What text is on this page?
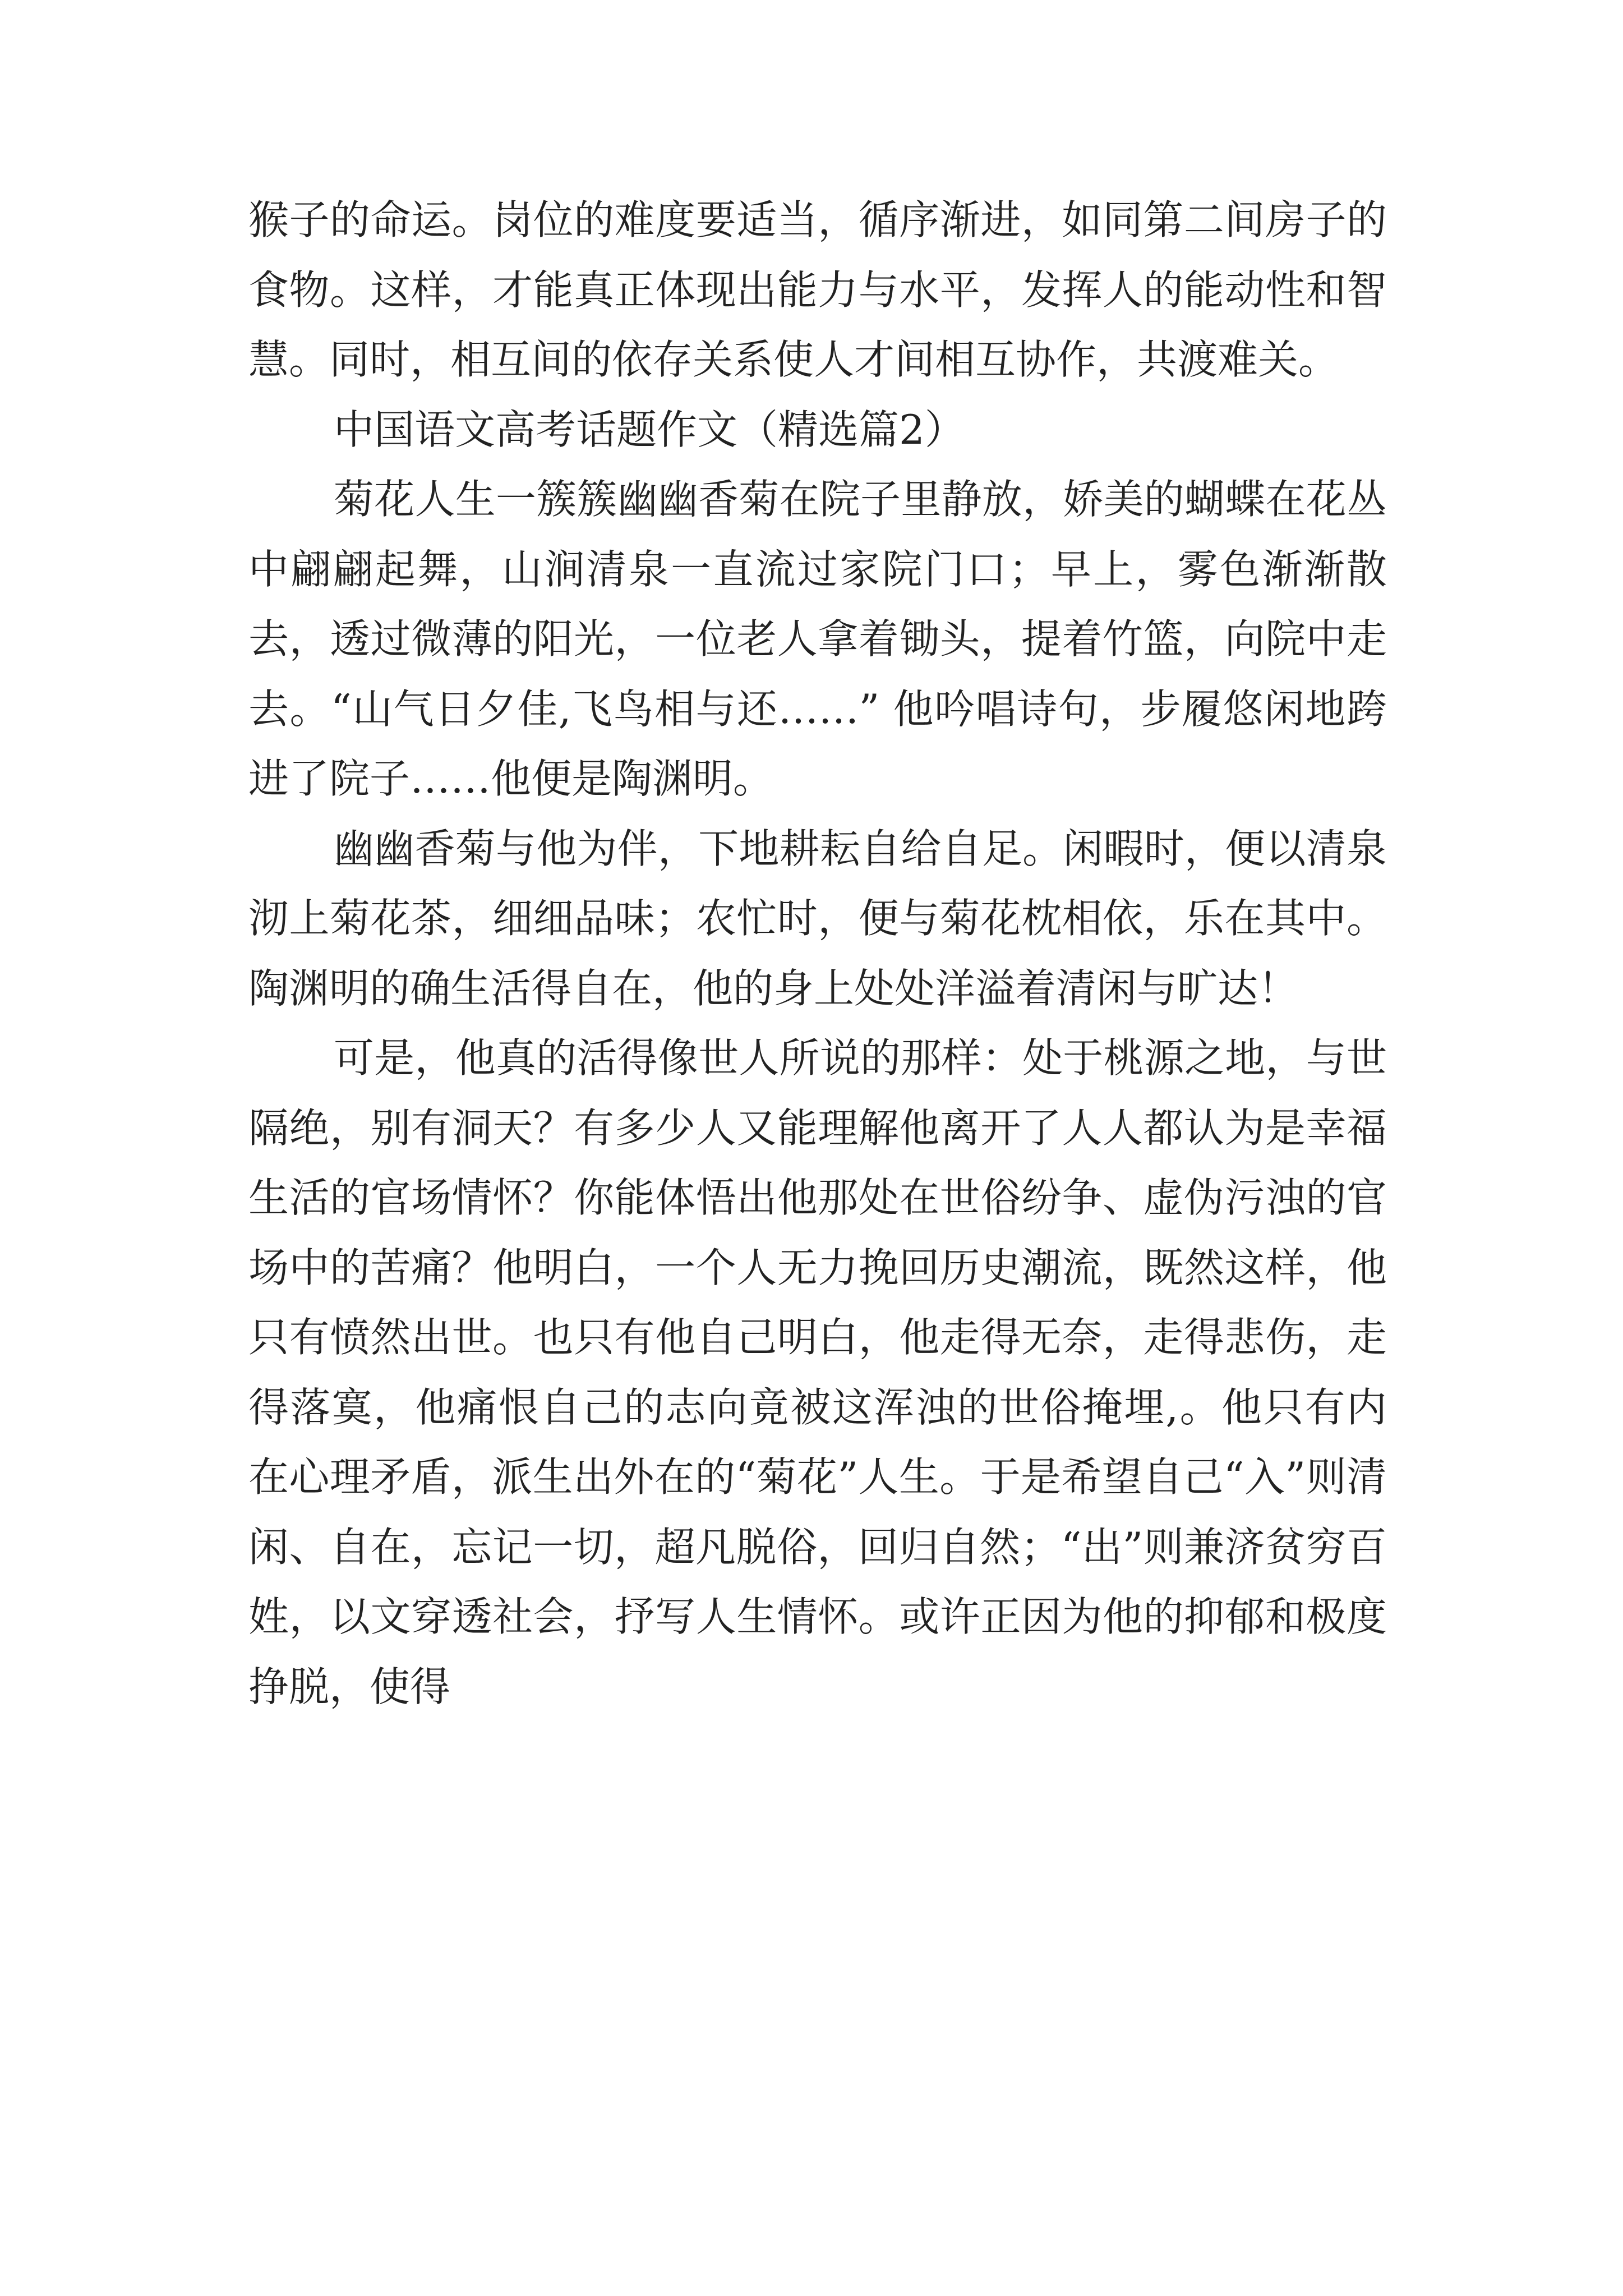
猴子的命运。岗位的难度要适当，循序渐进，如同第二间房子的食物。这样，才能真正体现出能力与水平，发挥人的能动性和智慧。同时，相互间的依存关系使人才间相互协作，共渡难关。

中国语文高考话题作文（精选篇2）

菊花人生一簇簇幽幽香菊在院子里静放，娇美的蝴蝶在花丛中翩翩起舞，山涧清泉一直流过家院门口；早上，雾色渐渐散去，透过微薄的阳光，一位老人拿着锄头，提着竹篮，向院中走去。“山气日夕佳,飞鸟相与还……” 他吟唱诗句，步履悠闲地跨进了院子……他便是陶渊明。

幽幽香菊与他为伴，下地耕耘自给自足。闲暇时，便以清泉沏上菊花茶，细细品味；农忙时，便与菊花枕相依，乐在其中。陶渊明的确生活得自在，他的身上处处洋溢着清闲与旷达！

可是，他真的活得像世人所说的那样：处于桃源之地，与世隔绝，别有洞天？有多少人又能理解他离开了人人都认为是幸福生活的官场情怀？你能体悟出他那处在世俗纷争、虚伪污浊的官场中的苦痛？他明白，一个人无力挽回历史潮流，既然这样，他只有愤然出世。也只有他自己明白，他走得无奈，走得悲伤，走得落寞，他痛恨自己的志向竟被这浑浊的世俗掩埋,。他只有内在心理矛盾，派生出外在的“菊花”人生。于是希望自己“入”则清闲、自在，忘记一切，超凡脱俗，回归自然；“出”则兼济贫穷百姓，以文穿透社会，抒写人生情怀。或许正因为他的抑郁和极度挣脱，使得
